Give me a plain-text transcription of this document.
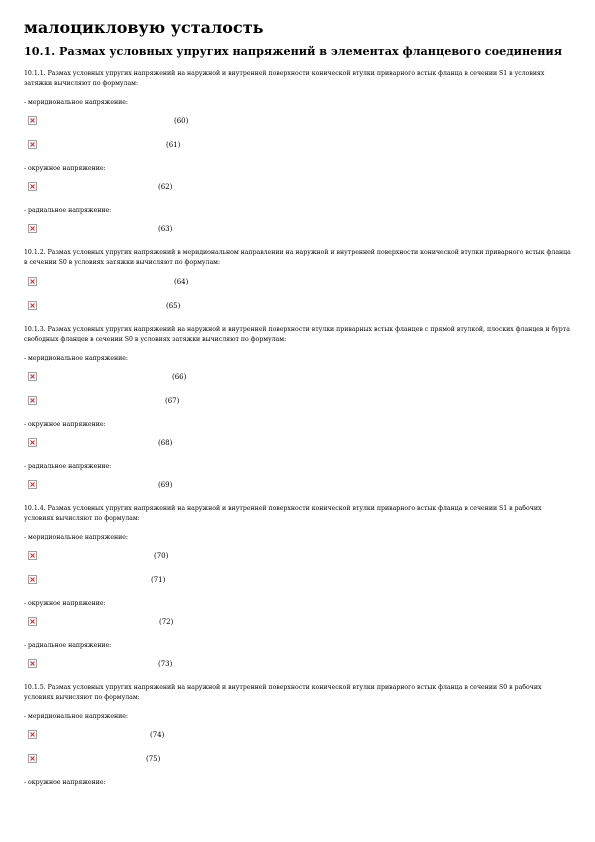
малоцикловую усталость
10.1. Размах условных упругих напряжений в элементах фланцевого соединения
10.1.1. Размах условных упругих напряжений на наружной и внутренней поверхности конической втулки приварного встык фланца в сечении S1 в условиях затяжки вычисляют по формулам:
- меридиональное напряжение:
(60)
(61)
- окружное напряжение:
(62)
- радиальное напряжение:
(63)
10.1.2. Размах условных упругих напряжений в меридиональном направлении на наружной и внутренней поверхности конической втулки приварного встык фланца в сечении S0 в условиях затяжки вычисляют по формулам:
(64)
(65)
10.1.3. Размах условных упругих напряжений на наружной и внутренней поверхности втулки приварных встык фланцев с прямой втулкой, плоских фланцев и бурта свободных фланцев в сечении S0 в условиях затяжки вычисляют по формулам:
- меридиональное напряжение:
(66)
(67)
- окружное напряжение:
(68)
- радиальное напряжение:
(69)
10.1.4. Размах условных упругих напряжений на наружной и внутренней поверхности конической втулки приварного встык фланца в сечении S1 в рабочих условиях вычисляют по формулам:
- меридиональное напряжение:
(70)
(71)
- окружное напряжение:
(72)
- радиальное напряжение:
(73)
10.1.5. Размах условных упругих напряжений на наружной и внутренней поверхности конической втулки приварного встык фланца в сечении S0 в рабочих условиях вычисляют по формулам:
- меридиональное напряжение:
(74)
(75)
- окружное напряжение:
